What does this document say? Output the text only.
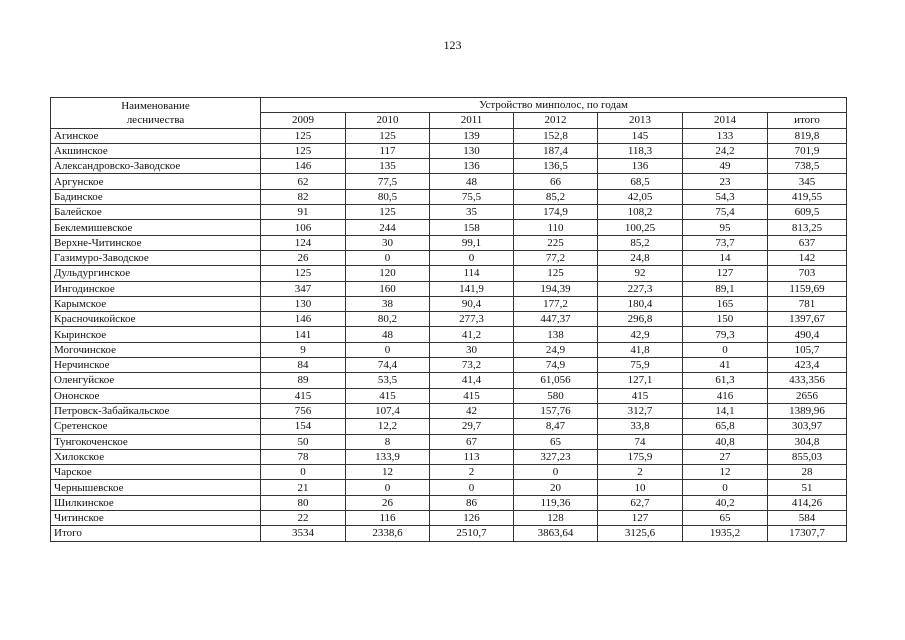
123
Наименование
лесничества	Устройство минполос, по годам						
	2009	2010	2011	2012	2013	2014	итого
Агинское	125	125	139	152,8	145	133	819,8
Акшинское	125	117	130	187,4	118,3	24,2	701,9
Александровско-Заводское	146	135	136	136,5	136	49	738,5
Аргунское	62	77,5	48	66	68,5	23	345
Бадинское	82	80,5	75,5	85,2	42,05	54,3	419,55
Балейское	91	125	35	174,9	108,2	75,4	609,5
Беклемишевское	106	244	158	110	100,25	95	813,25
Верхне-Читинское	124	30	99,1	225	85,2	73,7	637
Газимуро-Заводское	26	0	0	77,2	24,8	14	142
Дульдургинское	125	120	114	125	92	127	703
Ингодинское	347	160	141,9	194,39	227,3	89,1	1159,69
Карымское	130	38	90,4	177,2	180,4	165	781
Красночикойское	146	80,2	277,3	447,37	296,8	150	1397,67
Кыринское	141	48	41,2	138	42,9	79,3	490,4
Могочинское	9	0	30	24,9	41,8	0	105,7
Нерчинское	84	74,4	73,2	74,9	75,9	41	423,4
Оленгуйское	89	53,5	41,4	61,056	127,1	61,3	433,356
Ононское	415	415	415	580	415	416	2656
Петровск-Забайкальское	756	107,4	42	157,76	312,7	14,1	1389,96
Сретенское	154	12,2	29,7	8,47	33,8	65,8	303,97
Тунгокоченское	50	8	67	65	74	40,8	304,8
Хилокское	78	133,9	113	327,23	175,9	27	855,03
Чарское	0	12	2	0	2	12	28
Чернышевское	21	0	0	20	10	0	51
Шилкинское	80	26	86	119,36	62,7	40,2	414,26
Читинское	22	116	126	128	127	65	584
Итого	3534	2338,6	2510,7	3863,64	3125,6	1935,2	17307,7
